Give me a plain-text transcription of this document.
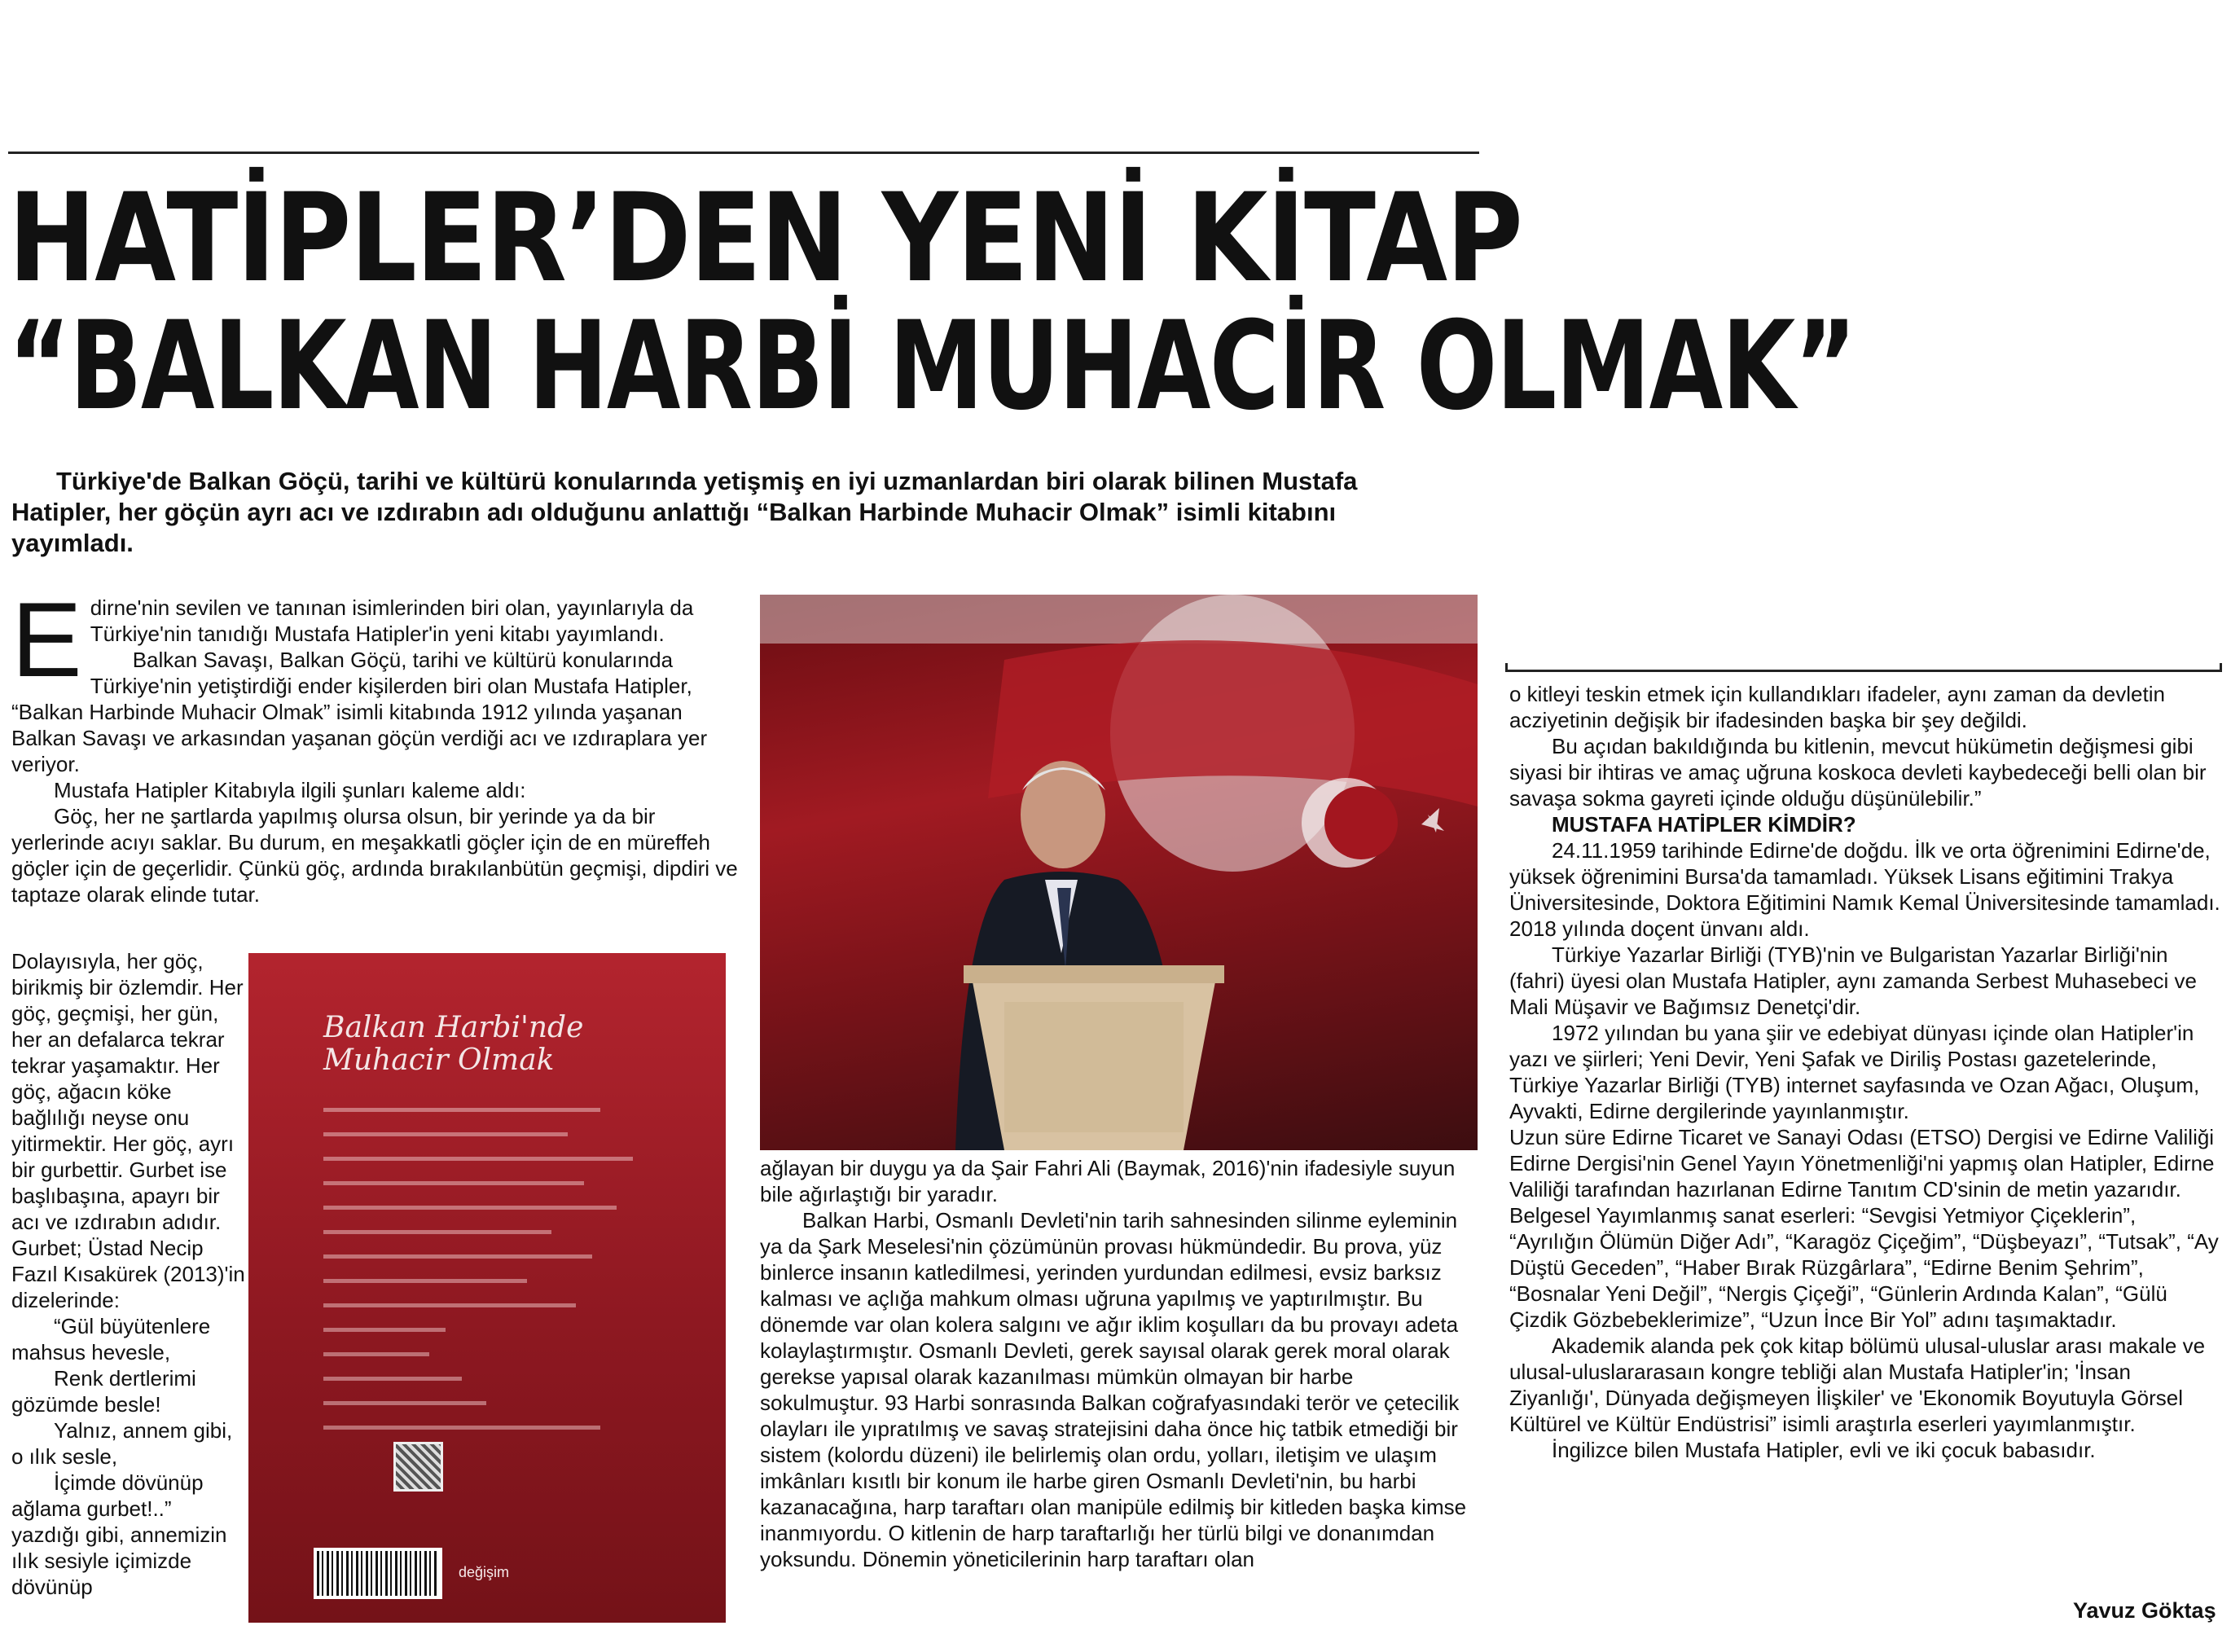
HATİPLER’DEN YENİ KİTAP
“BALKAN HARBİ MUHACİR OLMAK”
Türkiye'de Balkan Göçü, tarihi ve kültürü konularında yetişmiş en iyi uzmanlardan biri olarak bilinen Mustafa Hatipler, her göçün ayrı acı ve ızdırabın adı olduğunu anlattığı “Balkan Harbinde Muhacir Olmak” isimli kitabını yayımladı.
E dirne'nin sevilen ve tanınan isimlerinden biri olan, yayınlarıyla da Türkiye'nin tanıdığı Mustafa Hatipler'in yeni kitabı yayımlandı.

Balkan Savaşı, Balkan Göçü, tarihi ve kültürü konularında Türkiye'nin yetiştirdiği ender kişilerden biri olan Mustafa Hatipler, “Balkan Harbinde Muhacir Olmak” isimli kitabında 1912 yılında yaşanan Balkan Savaşı ve arkasından yaşanan göçün verdiği acı ve ızdıraplara yer veriyor.

Mustafa Hatipler Kitabıyla ilgili şunları kaleme aldı:

Göç, her ne şartlarda yapılmış olursa olsun, bir yerinde ya da bir yerlerinde acıyı saklar. Bu durum, en meşakkatli göçler için de en müreffeh göçler için de geçerlidir. Çünkü göç, ardında bırakılanbütün geçmişi, dipdiri ve taptaze olarak elinde tutar.

Dolayısıyla, her göç, birikmiş bir özlemdir. Her göç, geçmişi, her gün, her an defalarca tekrar tekrar yaşamaktır. Her göç, ağacın köke bağlılığı neyse onu yitirmektir. Her göç, ayrı bir gurbettir. Gurbet ise başlıbaşına, apayrı bir acı ve ızdırabın adıdır. Gurbet; Üstad Necip Fazıl Kısakürek (2013)'in dizelerinde:

“Gül büyütenlere mahsus hevesle,

Renk dertlerimi gözümde besle!

Yalnız, annem gibi, o ılık sesle,

İçimde dövünüp ağlama gurbet!..”

yazdığı gibi, annemizin ılık sesiyle içimizde dövünüp

Balkan Harbi'nde
Muhacir Olmak
değişim

ağlayan bir duygu ya da Şair Fahri Ali (Baymak, 2016)'nin ifadesiyle suyun bile ağırlaştığı bir yaradır.

Balkan Harbi, Osmanlı Devleti'nin tarih sahnesinden silinme eyleminin ya da Şark Meselesi'nin çözümünün provası hükmündedir. Bu prova, yüz binlerce insanın katledilmesi, yerinden yurdundan edilmesi, evsiz barksız kalması ve açlığa mahkum olması uğruna yapılmış ve yaptırılmıştır. Bu dönemde var olan kolera salgını ve ağır iklim koşulları da bu provayı adeta kolaylaştırmıştır. Osmanlı Devleti, gerek sayısal olarak gerek moral olarak gerekse yapısal olarak kazanılması mümkün olmayan bir harbe sokulmuştur. 93 Harbi sonrasında Balkan coğrafyasındaki terör ve çetecilik olayları ile yıpratılmış ve savaş stratejisini daha önce hiç tatbik etmediği bir sistem (kolordu düzeni) ile belirlemiş olan ordu, yolları, iletişim ve ulaşım imkânları kısıtlı bir konum ile harbe giren Osmanlı Devleti'nin, bu harbi kazanacağına, harp taraftarı olan manipüle edilmiş bir kitleden başka kimse inanmıyordu. O kitlenin de harp taraftarlığı her türlü bilgi ve donanımdan yoksundu. Dönemin yöneticilerinin harp taraftarı olan

o kitleyi teskin etmek için kullandıkları ifadeler, aynı zaman da devletin acziyetinin değişik bir ifadesinden başka bir şey değildi.

Bu açıdan bakıldığında bu kitlenin, mevcut hükümetin değişmesi gibi siyasi bir ihtiras ve amaç uğruna koskoca devleti kaybedeceği belli olan bir savaşa sokma gayreti içinde olduğu düşünülebilir.”

MUSTAFA HATİPLER KİMDİR?

24.11.1959 tarihinde Edirne'de doğdu. İlk ve orta öğrenimini Edirne'de, yüksek öğrenimini Bursa'da tamamladı. Yüksek Lisans eğitimini Trakya Üniversitesinde, Doktora Eğitimini Namık Kemal Üniversitesinde tamamladı. 2018 yılında doçent ünvanı aldı.

Türkiye Yazarlar Birliği (TYB)'nin ve Bulgaristan Yazarlar Birliği'nin (fahri) üyesi olan Mustafa Hatipler, aynı zamanda Serbest Muhasebeci ve Mali Müşavir ve Bağımsız Denetçi'dir.

1972 yılından bu yana şiir ve edebiyat dünyası içinde olan Hatipler'in yazı ve şiirleri; Yeni Devir, Yeni Şafak ve Diriliş Postası gazetelerinde, Türkiye Yazarlar Birliği (TYB) internet sayfasında ve Ozan Ağacı, Oluşum, Ayvakti, Edirne dergilerinde yayınlanmıştır.

Uzun süre Edirne Ticaret ve Sanayi Odası (ETSO) Dergisi ve Edirne Valiliği Edirne Dergisi'nin Genel Yayın Yönetmenliği'ni yapmış olan Hatipler, Edirne Valiliği tarafından hazırlanan Edirne Tanıtım CD'sinin de metin yazarıdır. Belgesel Yayımlanmış sanat eserleri: “Sevgisi Yetmiyor Çiçeklerin”, “Ayrılığın Ölümün Diğer Adı”, “Karagöz Çiçeğim”, “Düşbeyazı”, “Tutsak”, “Ay Düştü Geceden”, “Haber Bırak Rüzgârlara”, “Edirne Benim Şehrim”, “Bosnalar Yeni Değil”, “Nergis Çiçeği”, “Günlerin Ardında Kalan”, “Gülü Çizdik Gözbebeklerimize”, “Uzun İnce Bir Yol” adını taşımaktadır.

Akademik alanda pek çok kitap bölümü ulusal-uluslar arası makale ve ulusal-uluslararasaın kongre tebliği alan Mustafa Hatipler'in; 'İnsan Ziyanlığı', Dünyada değişmeyen İlişkiler' ve 'Ekonomik Boyutuyla Görsel Kültürel ve Kültür Endüstrisi” isimli araştırla eserleri yayımlanmıştır.

İngilizce bilen Mustafa Hatipler, evli ve iki çocuk babasıdır.

Yavuz Göktaş
